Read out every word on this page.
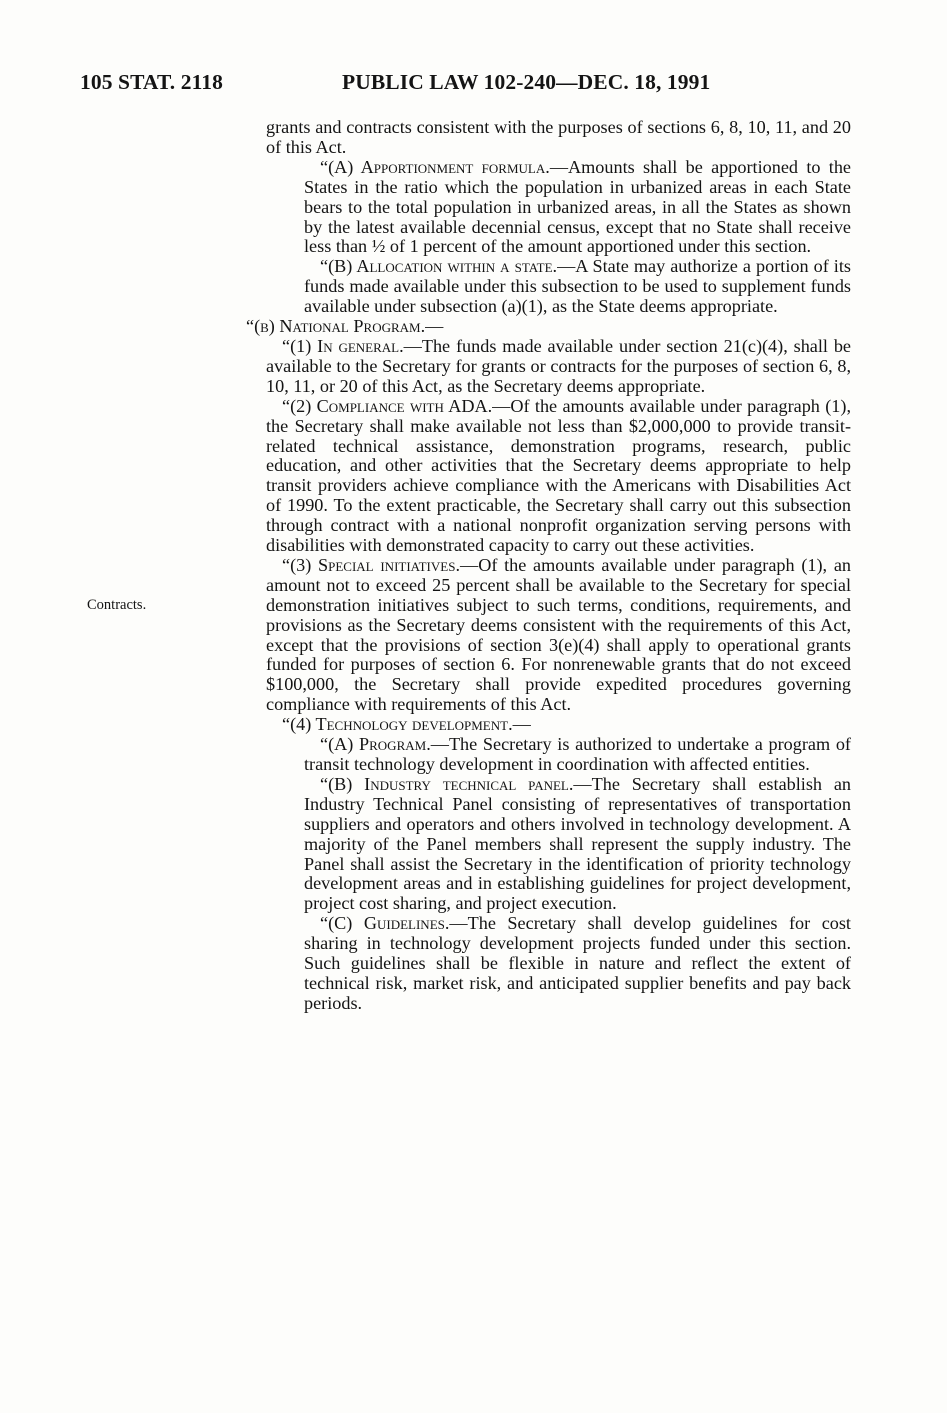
105 STAT. 2118	PUBLIC LAW 102-240—DEC. 18, 1991
Contracts.

grants and contracts consistent with the purposes of sections 6, 8, 10, 11, and 20 of this Act.

“(A) Apportionment formula.—Amounts shall be apportioned to the States in the ratio which the population in urbanized areas in each State bears to the total population in urbanized areas, in all the States as shown by the latest available decennial census, except that no State shall receive less than ½ of 1 percent of the amount apportioned under this section.

“(B) Allocation within a state.—A State may authorize a portion of its funds made available under this subsection to be used to supplement funds available under subsection (a)(1), as the State deems appropriate.

“(b) National Program.—

“(1) In general.—The funds made available under section 21(c)(4), shall be available to the Secretary for grants or contracts for the purposes of section 6, 8, 10, 11, or 20 of this Act, as the Secretary deems appropriate.

“(2) Compliance with ADA.—Of the amounts available under paragraph (1), the Secretary shall make available not less than $2,000,000 to provide transit-related technical assistance, demonstration programs, research, public education, and other activities that the Secretary deems appropriate to help transit providers achieve compliance with the Americans with Disabilities Act of 1990. To the extent practicable, the Secretary shall carry out this subsection through contract with a national nonprofit organization serving persons with disabilities with demonstrated capacity to carry out these activities.

“(3) Special initiatives.—Of the amounts available under paragraph (1), an amount not to exceed 25 percent shall be available to the Secretary for special demonstration initiatives subject to such terms, conditions, requirements, and provisions as the Secretary deems consistent with the requirements of this Act, except that the provisions of section 3(e)(4) shall apply to operational grants funded for purposes of section 6. For nonrenewable grants that do not exceed $100,000, the Secretary shall provide expedited procedures governing compliance with requirements of this Act.

“(4) Technology development.—

“(A) Program.—The Secretary is authorized to undertake a program of transit technology development in coordination with affected entities.

“(B) Industry technical panel.—The Secretary shall establish an Industry Technical Panel consisting of representatives of transportation suppliers and operators and others involved in technology development. A majority of the Panel members shall represent the supply industry. The Panel shall assist the Secretary in the identification of priority technology development areas and in establishing guidelines for project development, project cost sharing, and project execution.

“(C) Guidelines.—The Secretary shall develop guidelines for cost sharing in technology development projects funded under this section. Such guidelines shall be flexible in nature and reflect the extent of technical risk, market risk, and anticipated supplier benefits and pay back periods.
